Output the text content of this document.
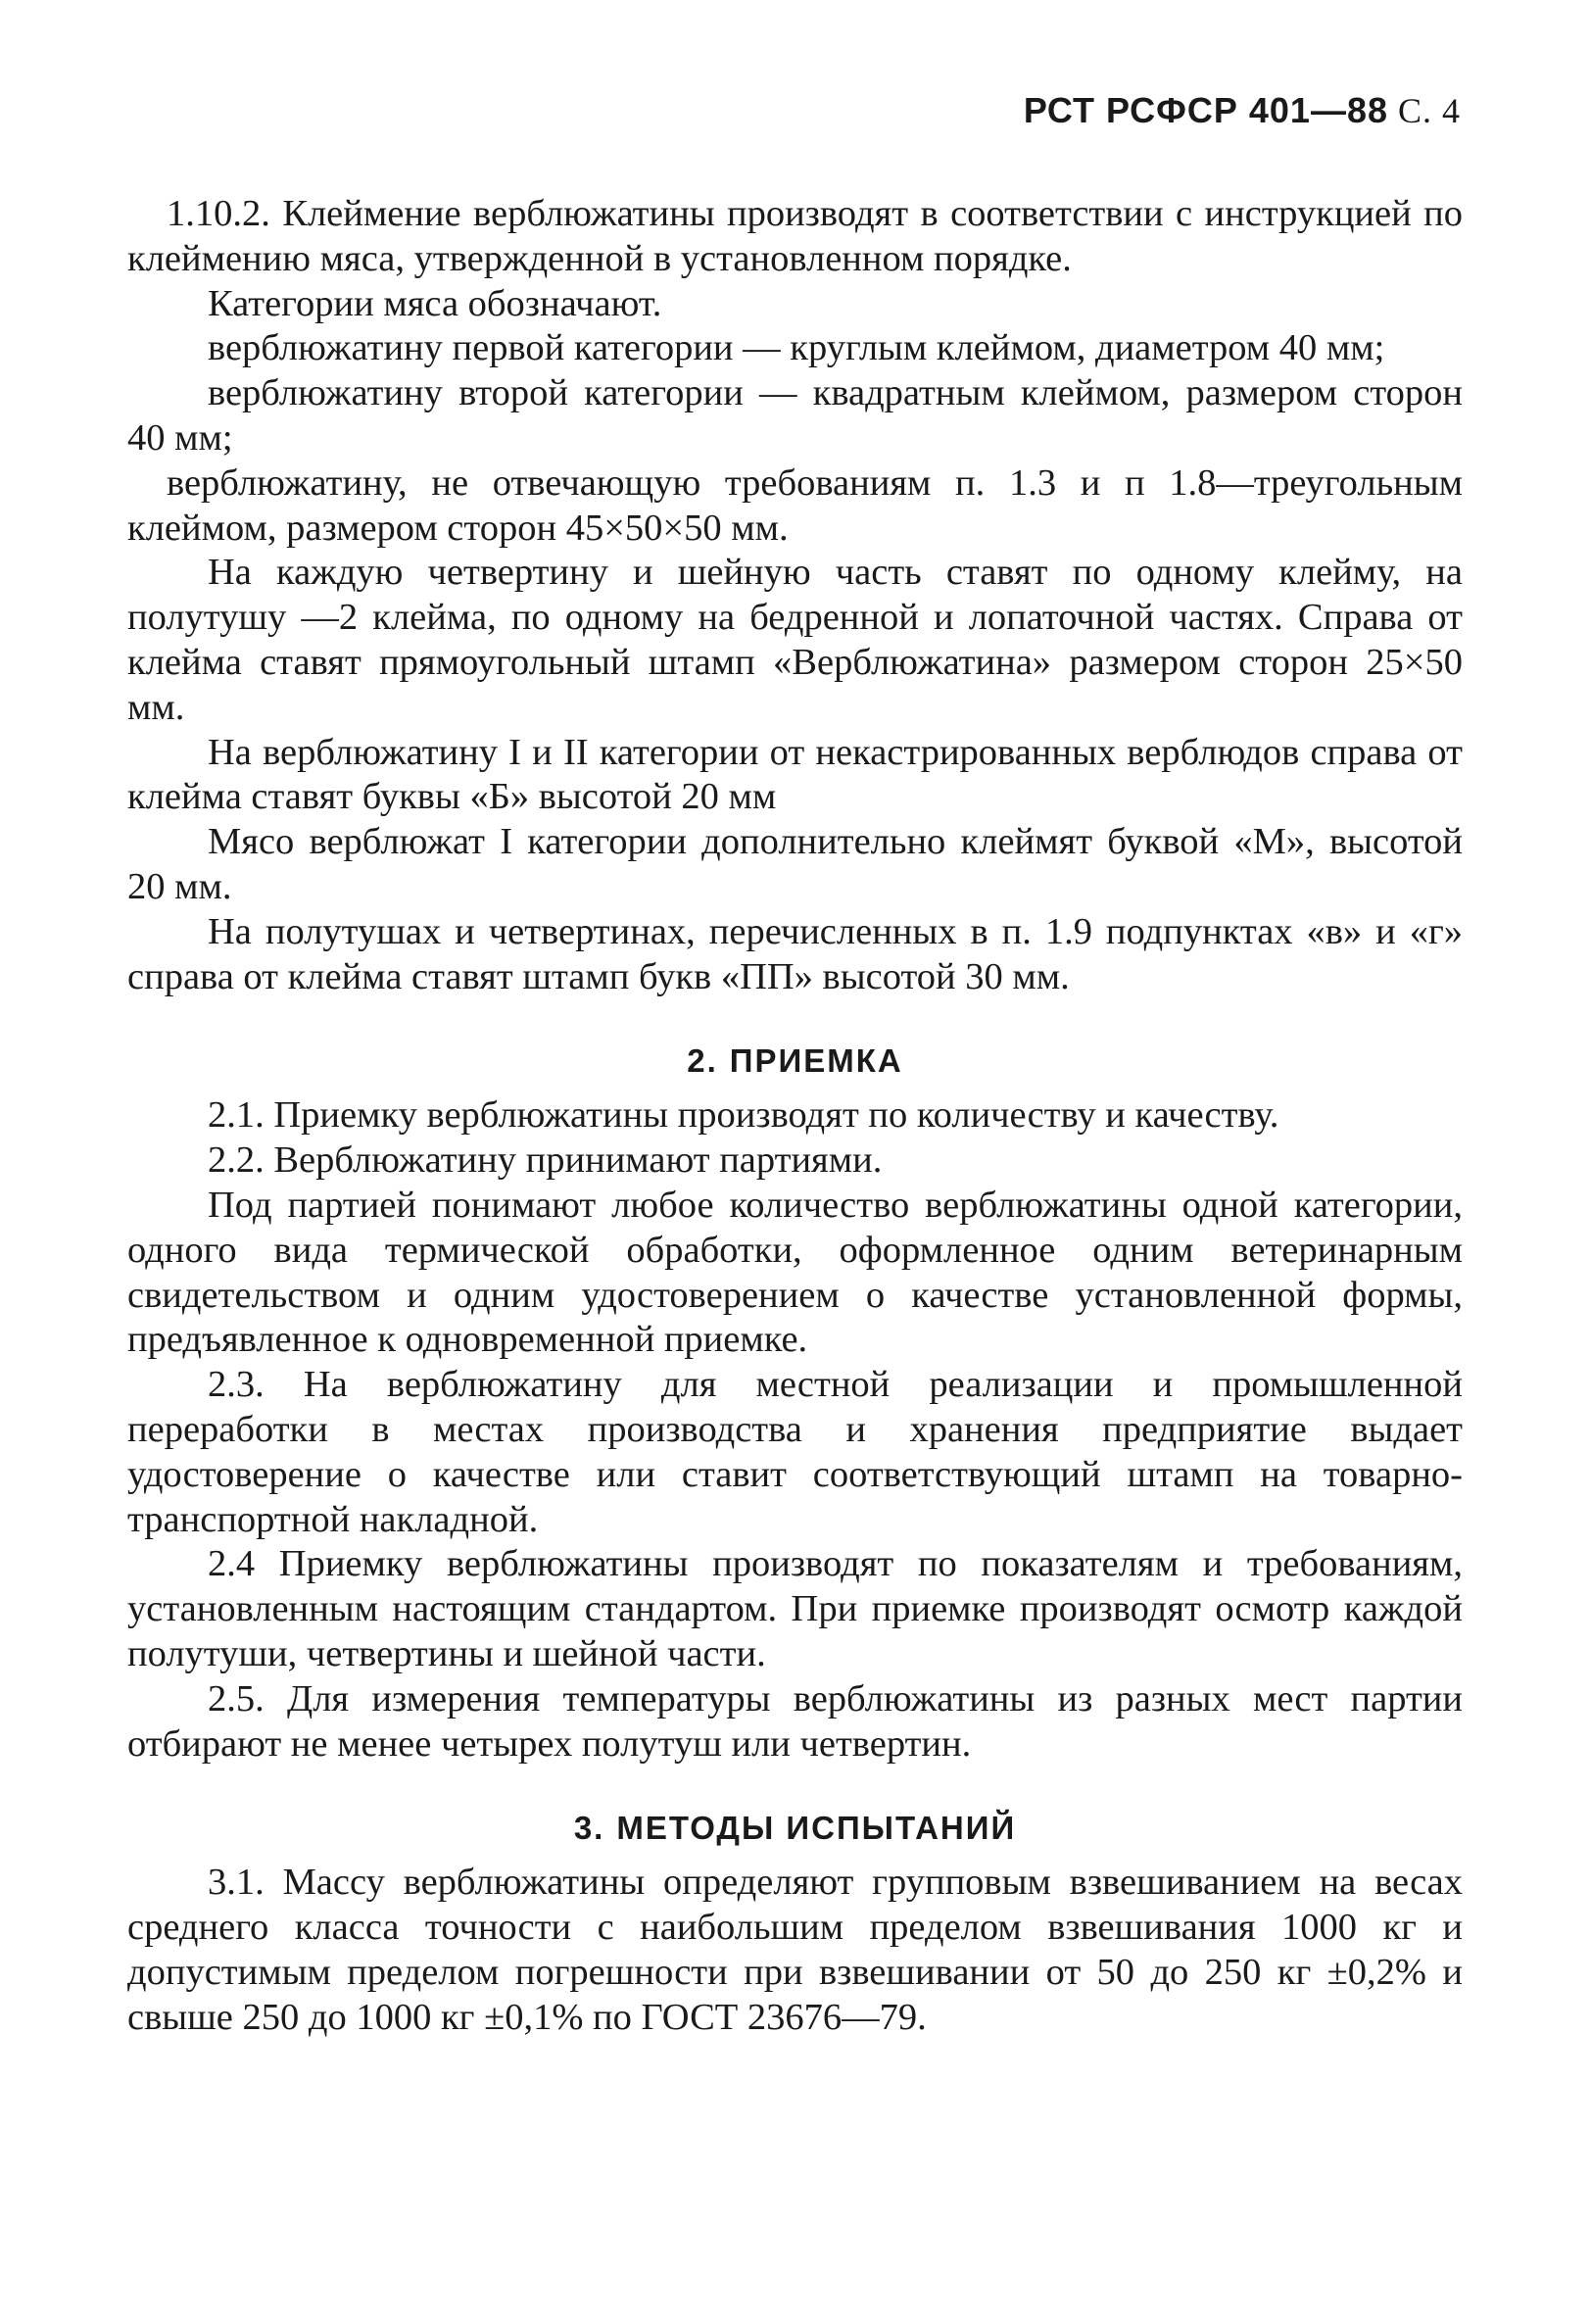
РСТ РСФСР 401—88 С. 4

1.10.2. Клеймение верблюжатины производят в соответствии с инструкцией по клеймению мяса, утвержденной в установленном порядке.

Категории мяса обозначают.

верблюжатину первой категории — круглым клеймом, диаметром 40 мм;

верблюжатину второй категории — квадратным клеймом, размером сторон 40 мм;

верблюжатину, не отвечающую требованиям п. 1.3 и п 1.8—треугольным клеймом, размером сторон 45×50×50 мм.

На каждую четвертину и шейную часть ставят по одному клейму, на полутушу —2 клейма, по одному на бедренной и лопаточной частях. Справа от клейма ставят прямоугольный штамп «Верблюжатина» размером сторон 25×50 мм.

На верблюжатину I и II категории от некастрированных верблюдов справа от клейма ставят буквы «Б» высотой 20 мм

Мясо верблюжат I категории дополнительно клеймят буквой «М», высотой 20 мм.

На полутушах и четвертинах, перечисленных в п. 1.9 подпунктах «в» и «г» справа от клейма ставят штамп букв «ПП» высотой 30 мм.

2. ПРИЕМКА

2.1. Приемку верблюжатины производят по количеству и качеству.

2.2. Верблюжатину принимают партиями.

Под партией понимают любое количество верблюжатины одной категории, одного вида термической обработки, оформленное одним ветеринарным свидетельством и одним удостоверением о качестве установленной формы, предъявленное к одновременной приемке.

2.3. На верблюжатину для местной реализации и промышленной переработки в местах производства и хранения предприятие выдает удостоверение о качестве или ставит соответствующий штамп на товарно-транспортной накладной.

2.4 Приемку верблюжатины производят по показателям и требованиям, установленным настоящим стандартом. При приемке производят осмотр каждой полутуши, четвертины и шейной части.

2.5. Для измерения температуры верблюжатины из разных мест партии отбирают не менее четырех полутуш или четвертин.

3. МЕТОДЫ ИСПЫТАНИЙ

3.1. Массу верблюжатины определяют групповым взвешиванием на весах среднего класса точности с наибольшим пределом взвешивания 1000 кг и допустимым пределом погрешности при взвешивании от 50 до 250 кг ±0,2% и свыше 250 до 1000 кг ±0,1% по ГОСТ 23676—79.
